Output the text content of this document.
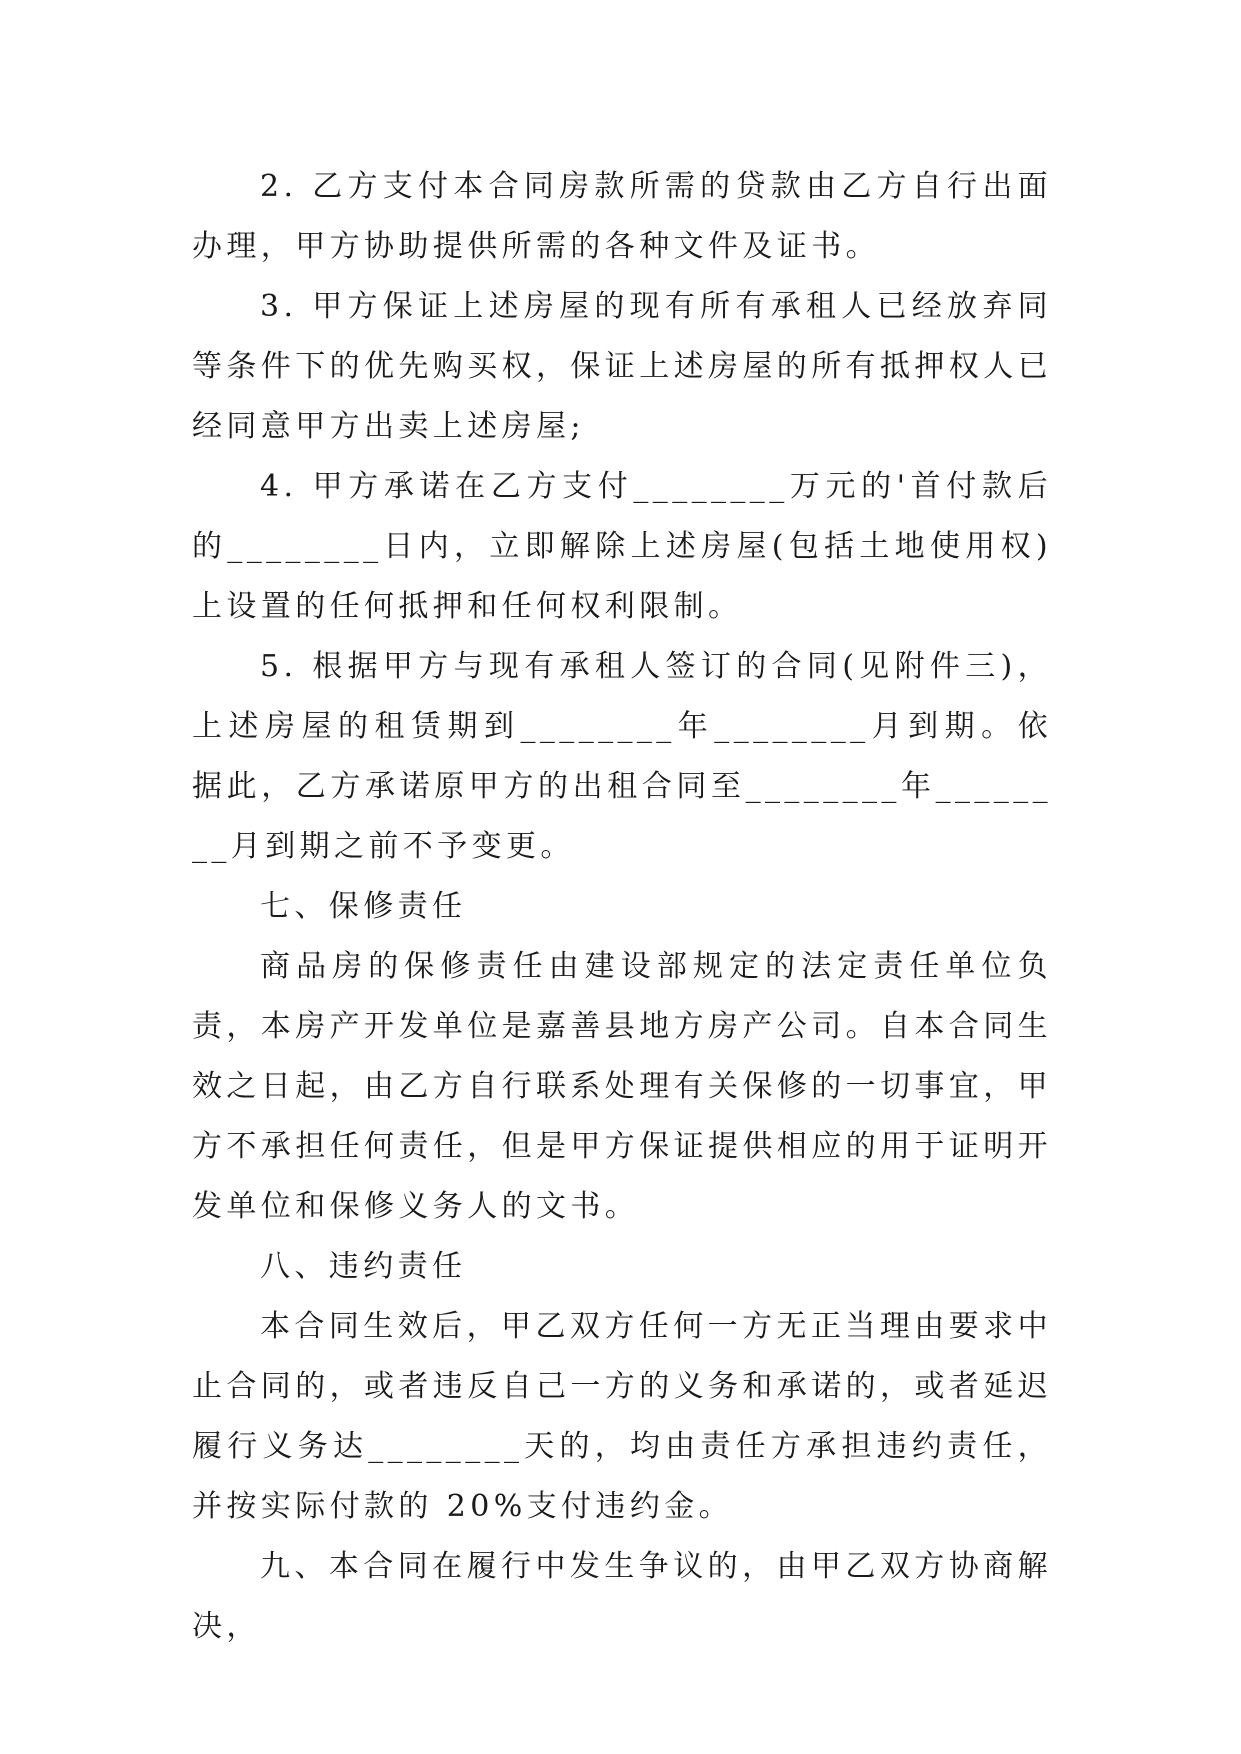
2. 乙方支付本合同房款所需的贷款由乙方自行出面办理，甲方协助提供所需的各种文件及证书。

3. 甲方保证上述房屋的现有所有承租人已经放弃同等条件下的优先购买权，保证上述房屋的所有抵押权人已经同意甲方出卖上述房屋;

4. 甲方承诺在乙方支付________万元的'首付款后的________日内，立即解除上述房屋(包括土地使用权)上设置的任何抵押和任何权利限制。

5. 根据甲方与现有承租人签订的合同(见附件三)，上述房屋的租赁期到________年________月到期。依据此，乙方承诺原甲方的出租合同至________年________月到期之前不予变更。

七、保修责任

商品房的保修责任由建设部规定的法定责任单位负责，本房产开发单位是嘉善县地方房产公司。自本合同生效之日起，由乙方自行联系处理有关保修的一切事宜，甲方不承担任何责任，但是甲方保证提供相应的用于证明开发单位和保修义务人的文书。

八、违约责任

本合同生效后，甲乙双方任何一方无正当理由要求中止合同的，或者违反自己一方的义务和承诺的，或者延迟履行义务达________天的，均由责任方承担违约责任，并按实际付款的 20%支付违约金。

九、本合同在履行中发生争议的，由甲乙双方协商解决，
